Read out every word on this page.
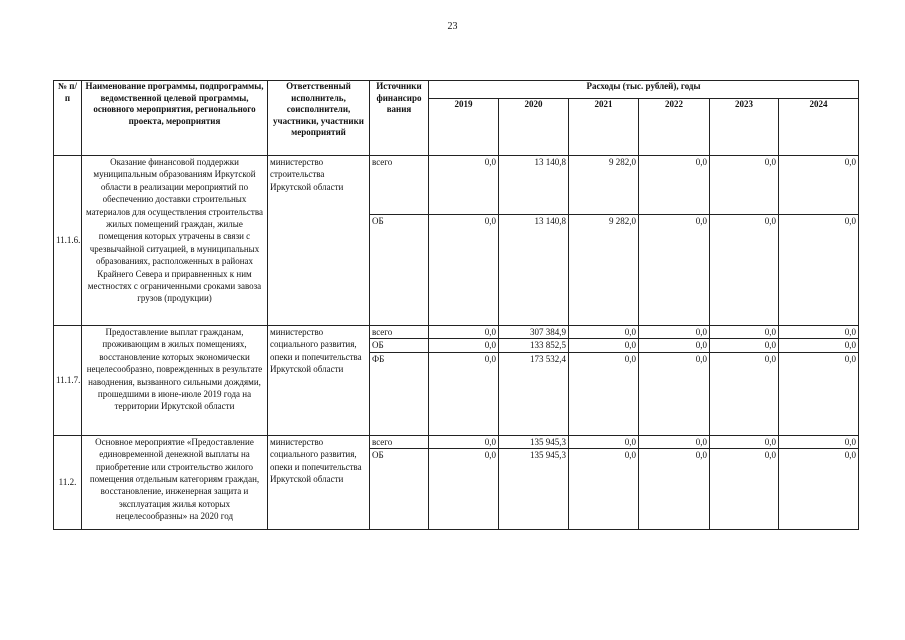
23
№ п/п	Наименование программы, подпрограммы, ведомственной целевой программы, основного мероприятия, регионального проекта, мероприятия	Ответственный исполнитель, соисполнители, участники, участники мероприятий	Источники финансиро вания	Расходы (тыс. рублей), годы					
				2019	2020	2021	2022	2023	2024
11.1.6.	Оказание финансовой поддержки муниципальным образованиям Иркутской области в реализации мероприятий по обеспечению доставки строительных материалов для осуществления строительства жилых помещений граждан, жилые помещения которых утрачены в связи с чрезвычайной ситуацией, в муниципальных образованиях, расположенных в районах Крайнего Севера и приравненных к ним местностях с ограниченными сроками завоза грузов (продукции)	министерство строительства Иркутской области	всего	0,0	13 140,8	9 282,0	0,0	0,0	0,0
			ОБ	0,0	13 140,8	9 282,0	0,0	0,0	0,0
11.1.7.	Предоставление выплат гражданам, проживающим в жилых помещениях, восстановление которых экономически нецелесообразно, поврежденных в результате наводнения, вызванного сильными дождями, прошедшими в июне-июле 2019 года на территории Иркутской области	министерство социального развития, опеки и попечительства Иркутской области	всего	0,0	307 384,9	0,0	0,0	0,0	0,0
			ОБ	0,0	133 852,5	0,0	0,0	0,0	0,0
			ФБ	0,0	173 532,4	0,0	0,0	0,0	0,0
11.2.	Основное мероприятие «Предоставление единовременной денежной выплаты на приобретение или строительство жилого помещения отдельным категориям граждан, восстановление, инженерная защита и эксплуатация жилья которых нецелесообразны» на 2020 год	министерство социального развития, опеки и попечительства Иркутской области	всего	0,0	135 945,3	0,0	0,0	0,0	0,0
			ОБ	0,0	135 945,3	0,0	0,0	0,0	0,0
